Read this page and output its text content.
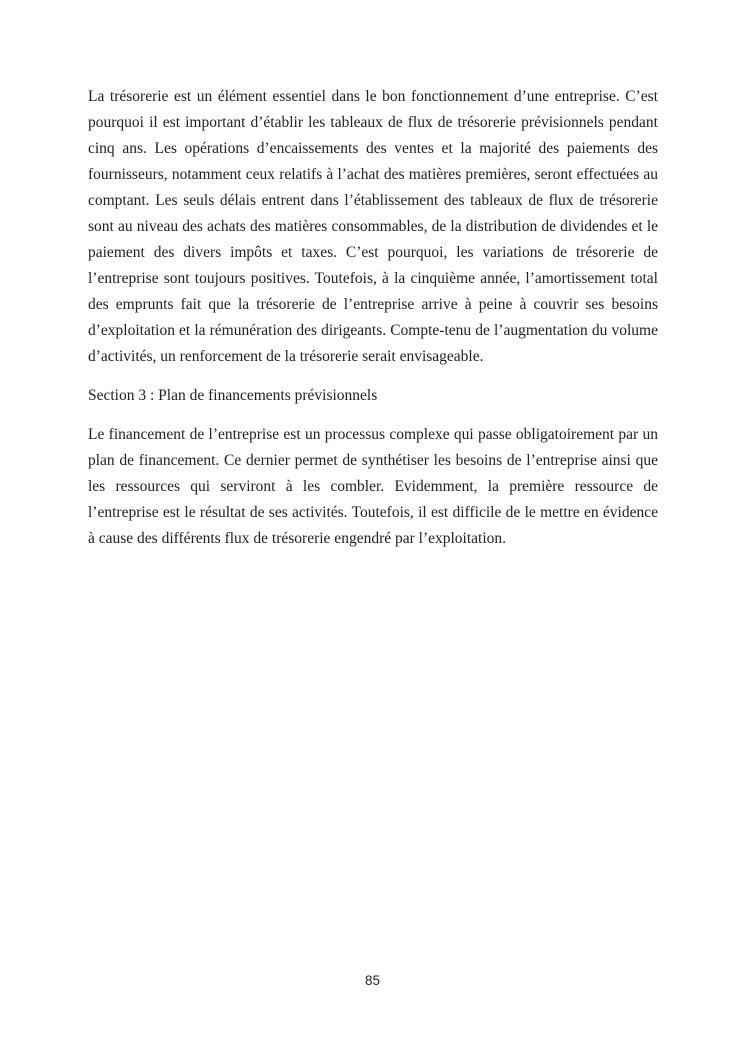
La trésorerie est un élément essentiel dans le bon fonctionnement d’une entreprise. C’est pourquoi il est important d’établir les tableaux de flux de trésorerie prévisionnels pendant cinq ans. Les opérations d’encaissements des ventes et la majorité des paiements des fournisseurs, notamment ceux relatifs à l’achat des matières premières, seront effectuées au comptant. Les seuls délais entrent dans l’établissement des tableaux de flux de trésorerie sont au niveau des achats des matières consommables, de la distribution de dividendes et le paiement des divers impôts et taxes. C’est pourquoi, les variations de trésorerie de l’entreprise sont toujours positives. Toutefois, à la cinquième année, l’amortissement total des emprunts fait que la trésorerie de l’entreprise arrive à peine à couvrir ses besoins d’exploitation et la rémunération des dirigeants. Compte-tenu de l’augmentation du volume d’activités, un renforcement de la trésorerie serait envisageable.

Section 3 : Plan de financements prévisionnels

Le financement de l’entreprise est un processus complexe qui passe obligatoirement par un plan de financement. Ce dernier permet de synthétiser les besoins de l’entreprise ainsi que les ressources qui serviront à les combler. Evidemment, la première ressource de l’entreprise est le résultat de ses activités. Toutefois, il est difficile de le mettre en évidence à cause des différents flux de trésorerie engendré par l’exploitation.

85
